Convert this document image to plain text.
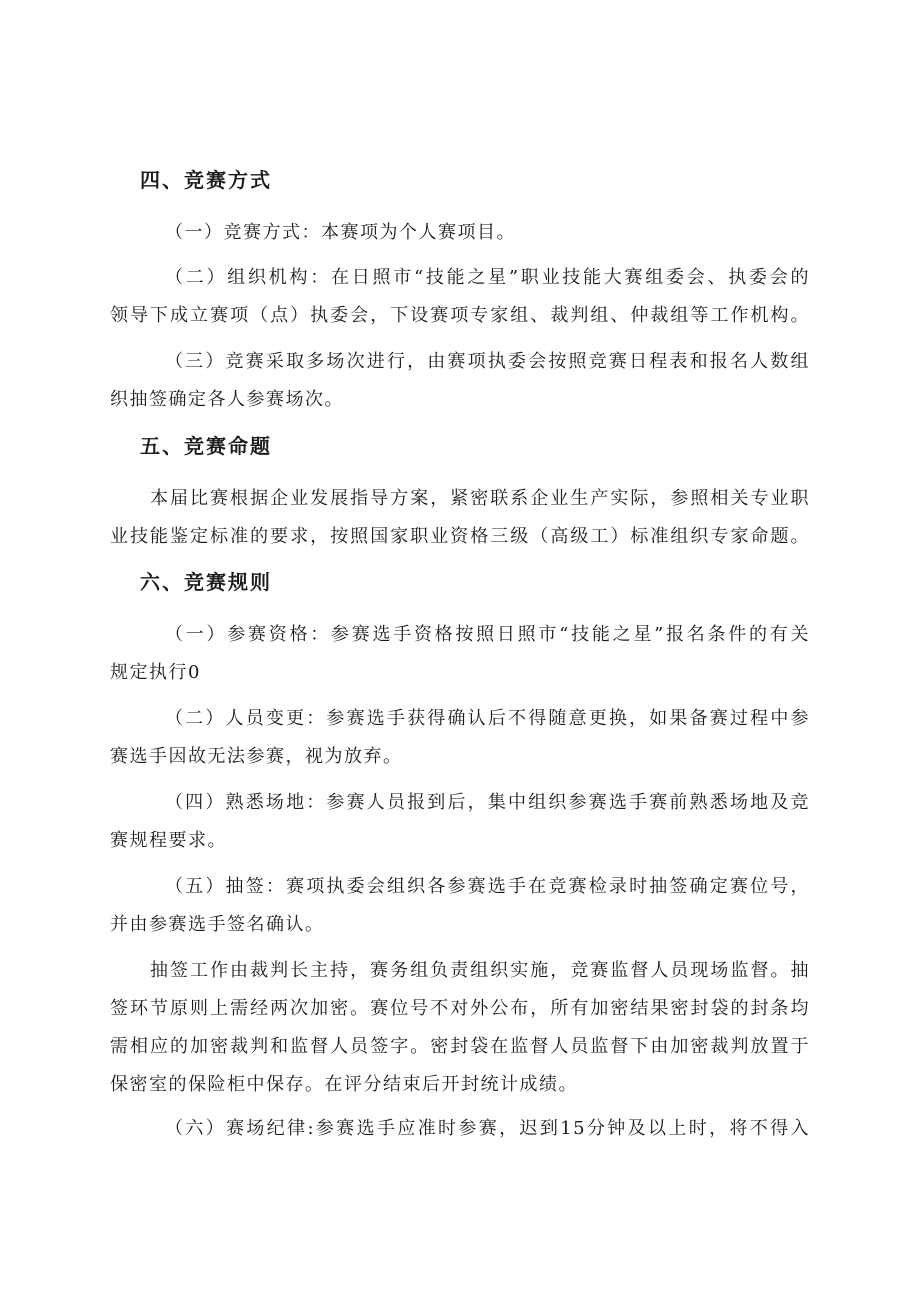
四、竞赛方式
（一）竞赛方式：本赛项为个人赛项目。
（二）组织机构：在日照市“技能之星”职业技能大赛组委会、执委会的
领导下成立赛项（点）执委会，下设赛项专家组、裁判组、仲裁组等工作机构。
（三）竞赛采取多场次进行，由赛项执委会按照竞赛日程表和报名人数组
织抽签确定各人参赛场次。
五、竞赛命题
本届比赛根据企业发展指导方案，紧密联系企业生产实际，参照相关专业职
业技能鉴定标准的要求，按照国家职业资格三级（高级工）标准组织专家命题。
六、竞赛规则
（一）参赛资格：参赛选手资格按照日照市“技能之星”报名条件的有关
规定执行0
（二）人员变更：参赛选手获得确认后不得随意更换，如果备赛过程中参
赛选手因故无法参赛，视为放弃。
（四）熟悉场地：参赛人员报到后，集中组织参赛选手赛前熟悉场地及竞
赛规程要求。
（五）抽签：赛项执委会组织各参赛选手在竞赛检录时抽签确定赛位号，
并由参赛选手签名确认。
抽签工作由裁判长主持，赛务组负责组织实施，竞赛监督人员现场监督。抽
签环节原则上需经两次加密。赛位号不对外公布，所有加密结果密封袋的封条均
需相应的加密裁判和监督人员签字。密封袋在监督人员监督下由加密裁判放置于
保密室的保险柜中保存。在评分结束后开封统计成绩。
（六）赛场纪律:参赛选手应准时参赛，迟到15分钟及以上时，将不得入
